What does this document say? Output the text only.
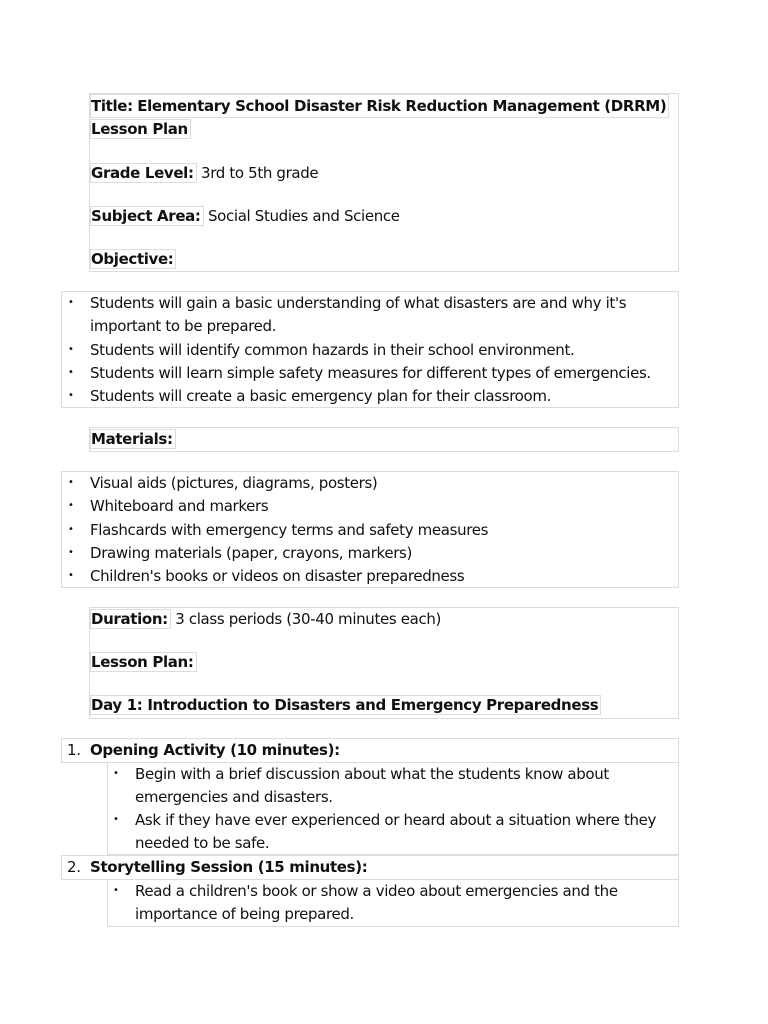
Title: Elementary School Disaster Risk Reduction Management (DRRM)
Lesson Plan
Grade Level: 3rd to 5th grade
Subject Area: Social Studies and Science
Objective:
• Students will gain a basic understanding of what disasters are and why it's
important to be prepared.
• Students will identify common hazards in their school environment.
• Students will learn simple safety measures for different types of emergencies.
• Students will create a basic emergency plan for their classroom.
Materials:
• Visual aids (pictures, diagrams, posters)
• Whiteboard and markers
• Flashcards with emergency terms and safety measures
• Drawing materials (paper, crayons, markers)
• Children's books or videos on disaster preparedness
Duration: 3 class periods (30-40 minutes each)
Lesson Plan:
Day 1: Introduction to Disasters and Emergency Preparedness
1. Opening Activity (10 minutes):
• Begin with a brief discussion about what the students know about
emergencies and disasters.
• Ask if they have ever experienced or heard about a situation where they
needed to be safe.
2. Storytelling Session (15 minutes):
• Read a children's book or show a video about emergencies and the
importance of being prepared.
